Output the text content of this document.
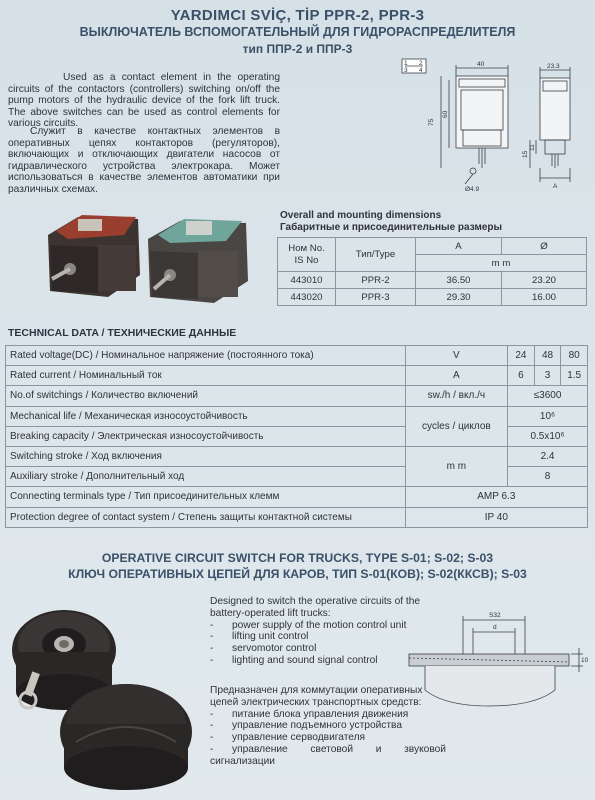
YARDIMCI SVİÇ, TİP PPR-2, PPR-3
ВЫКЛЮЧАТЕЛЬ ВСПОМОГАТЕЛЬНЫЙ ДЛЯ ГИДРОРАСПРЕДЕЛИТЕЛЯ
тип ППР-2 и ППР-3
Used as a contact element in the operating circuits of the contactors (controllers) switching on/off the pump motors of the hydraulic device of the fork lift truck. The above switches can be used as control elements for various circuits.
Служит в качестве контактных элементов в оперативных цепях контакторов (регуляторов), включающих и отключающих двигатели насосов от гидравлического устройства электрокара. Может использоваться в качестве элементов автоматики при различных схемах.
1 2
3 4
40	23.3
75
60
15
11
Ø4.9	A
Overall and mounting dimensions
Габаритные и присоединительные размеры
Ном No.
IS No	Тип/Type	A	Ø
		m m	
443010	PPR-2	36.50	23.20
443020	PPR-3	29.30	16.00
TECHNICAL DATA / ТЕХНИЧЕСКИЕ ДАННЫЕ
Rated voltage(DC) / Номинальное напряжение (постоянного тока)	V	24	48	80
Rated current / Номинальный ток	A	6	3	1.5
No.of switchings / Количество включений	sw./h / вкл./ч	≤3600		
Mechanical life / Механическая износоустойчивость	cycles / циклов	10⁶		
Breaking capacity / Электрическая износоустойчивость		0.5x10⁶		
Switching stroke / Ход включения	m m	2.4		
Auxiliary stroke / Дополнительный ход		8		
Connecting terminals type / Тип присоединительных клемм	AMP 6.3			
Protection degree of contact system / Степень защиты контактной системы	IP 40			
OPERATIVE CIRCUIT SWITCH FOR TRUCKS, TYPE S-01; S-02; S-03
КЛЮЧ ОПЕРАТИВНЫХ ЦЕПЕЙ ДЛЯ КАРОВ, ТИП S-01(КОВ); S-02(ККСВ); S-03
Designed to switch the operative circuits of the battery-operated lift trucks:
-	power supply of the motion control unit
-	lifting unit control
-	servomotor control
-	lighting and sound signal control
Предназначен для коммутации оперативных цепей электрических транспортных средств:
-	питание блока управления движения
-	управление подъемного устройства
-	управление серводвигателя
-	управление световой и звуковой
сигнализации
S32
d
10
